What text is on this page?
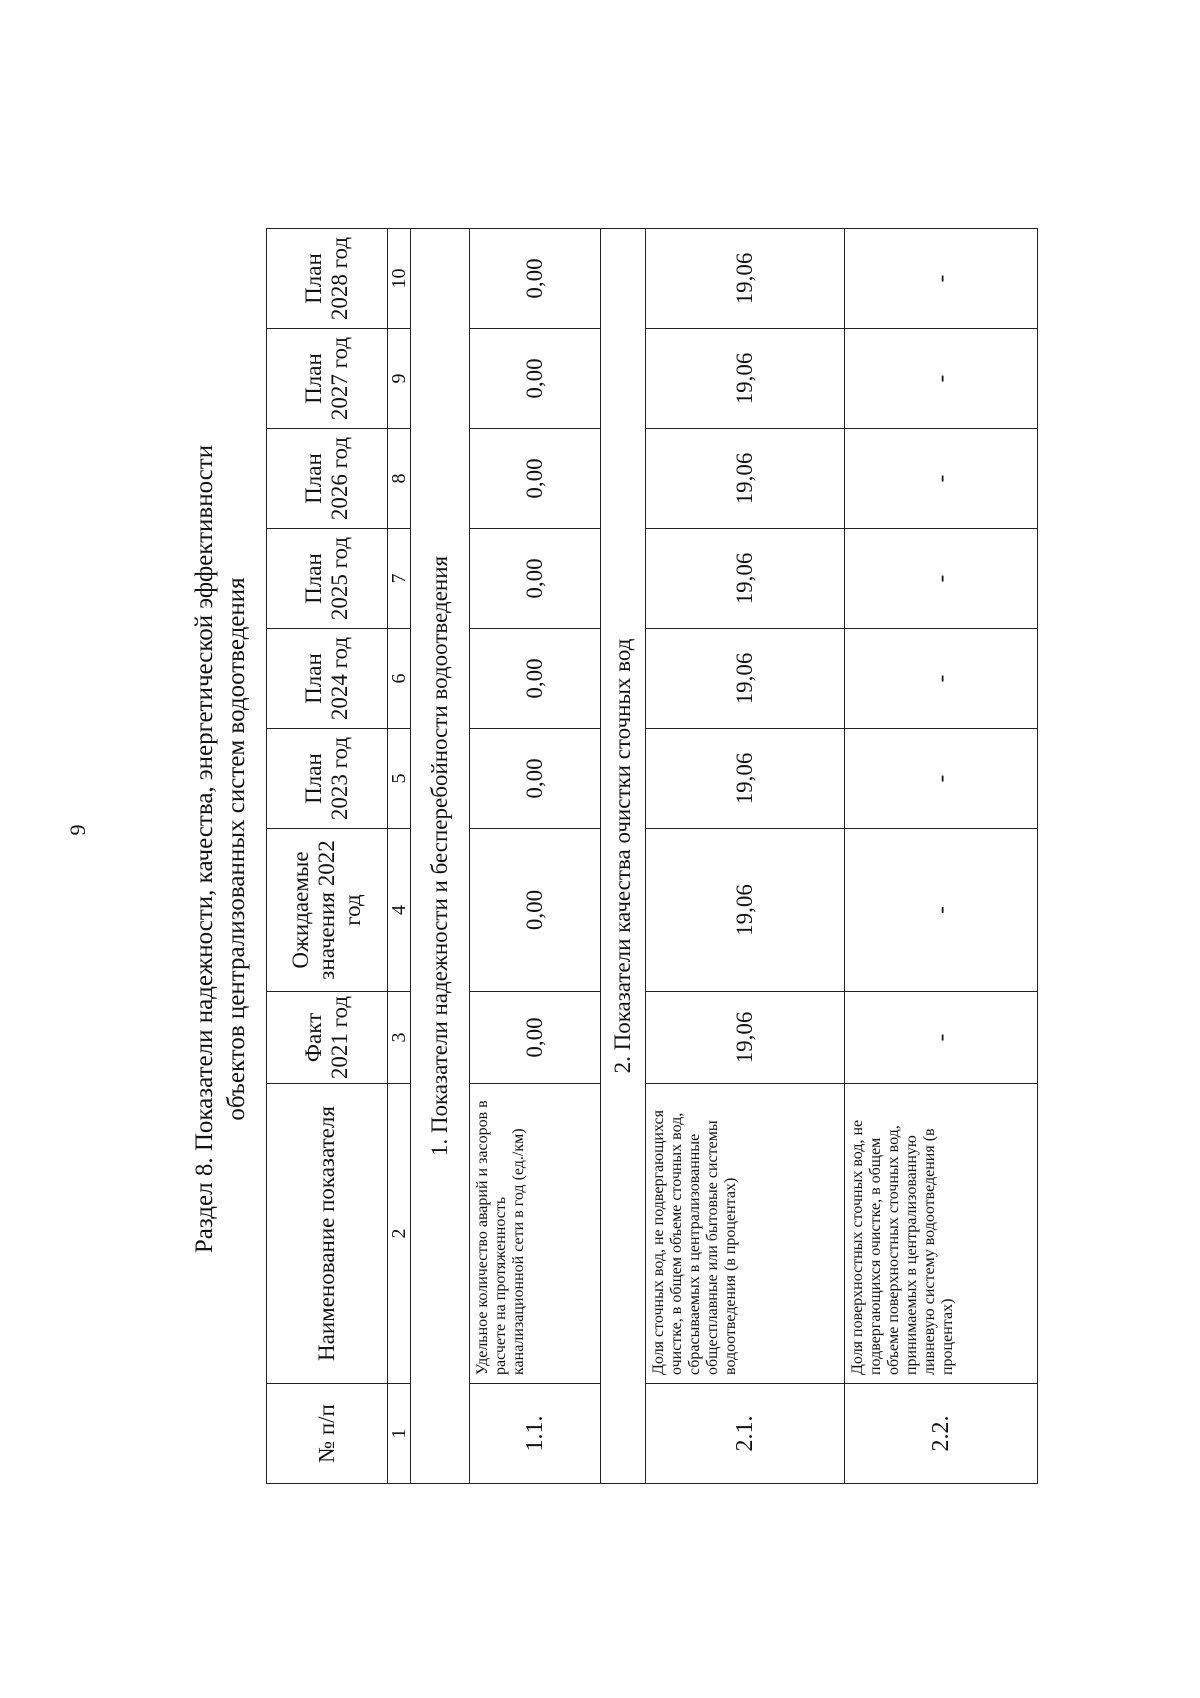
9	Раздел 8. Показатели надежности, качества, энергетической эффективности объектов централизованных систем водоотведения
№ п/п	Наименование показателя	Факт 2021 год	Ожидаемые значения 2022 год	План 2023 год	План 2024 год	План 2025 год	План 2026 год	План 2027 год	План 2028 год
1	2	3	4	5	6	7	8	9	10
1. Показатели надежности и бесперебойности водоотведения									
1.1.	Удельное количество аварий и засоров в расчете на протяженность канализационной сети в год (ед./км)	0,00	0,00	0,00	0,00	0,00	0,00	0,00	0,00
2. Показатели качества очистки сточных вод									
2.1.	Доля сточных вод, не подвергающихся очистке, в общем объеме сточных вод, сбрасываемых в централизованные общесплавные или бытовые системы водоотведения (в процентах)	19,06	19,06	19,06	19,06	19,06	19,06	19,06	19,06
2.2.	Доля поверхностных сточных вод, не подвергающихся очистке, в общем объеме поверхностных сточных вод, принимаемых в централизованную ливневую систему водоотведения (в процентах)	-	-	-	-	-	-	-	-
